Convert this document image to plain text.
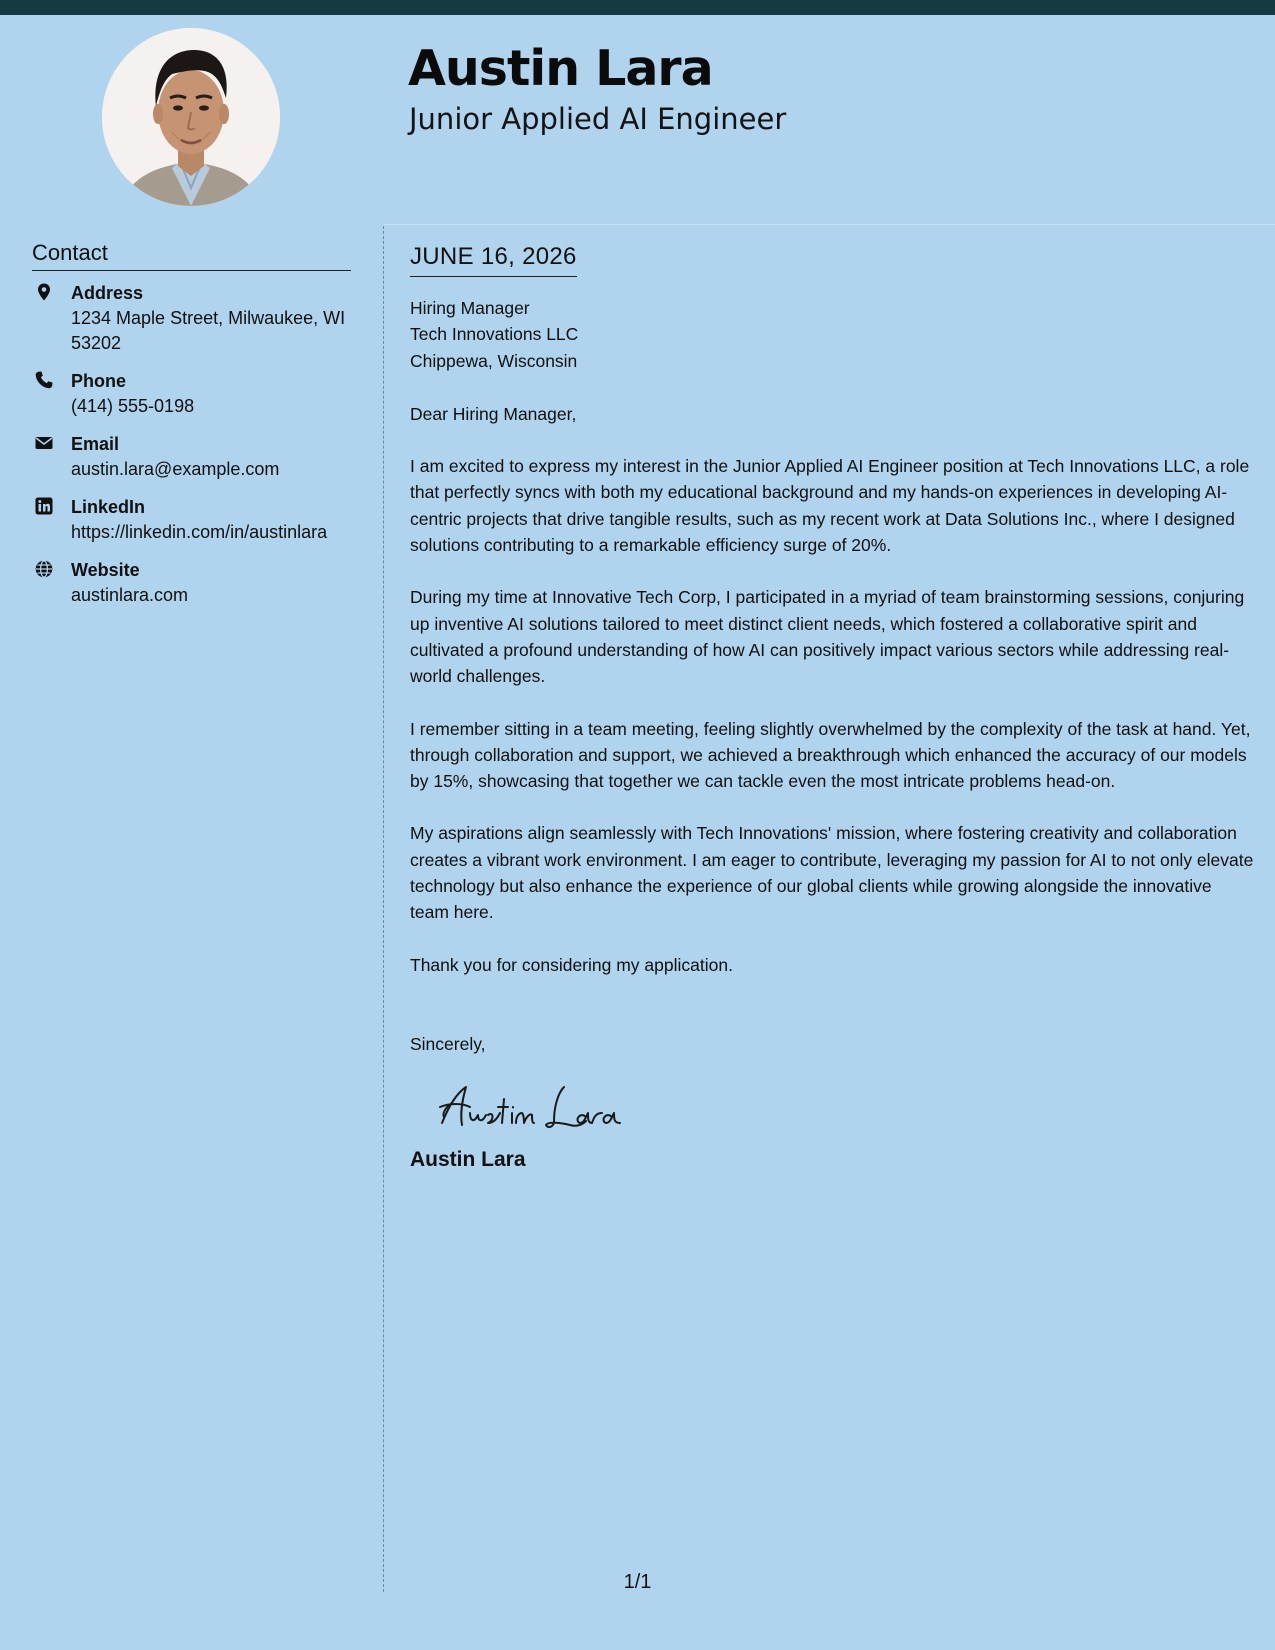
Austin Lara
Junior Applied AI Engineer
Contact
Address
1234 Maple Street, Milwaukee, WI 53202
Phone
(414) 555-0198
Email
austin.lara@example.com
LinkedIn
https://linkedin.com/in/austinlara
Website
austinlara.com
JUNE 16, 2026
Hiring Manager
Tech Innovations LLC
Chippewa, Wisconsin
Dear Hiring Manager,

I am excited to express my interest in the Junior Applied AI Engineer position at Tech Innovations LLC, a role that perfectly syncs with both my educational background and my hands-on experiences in developing AI-centric projects that drive tangible results, such as my recent work at Data Solutions Inc., where I designed solutions contributing to a remarkable efficiency surge of 20%.

During my time at Innovative Tech Corp, I participated in a myriad of team brainstorming sessions, conjuring up inventive AI solutions tailored to meet distinct client needs, which fostered a collaborative spirit and cultivated a profound understanding of how AI can positively impact various sectors while addressing real-world challenges.

I remember sitting in a team meeting, feeling slightly overwhelmed by the complexity of the task at hand. Yet, through collaboration and support, we achieved a breakthrough which enhanced the accuracy of our models by 15%, showcasing that together we can tackle even the most intricate problems head-on.

My aspirations align seamlessly with Tech Innovations' mission, where fostering creativity and collaboration creates a vibrant work environment. I am eager to contribute, leveraging my passion for AI to not only elevate technology but also enhance the experience of our global clients while growing alongside the innovative team here.

Thank you for considering my application.
Sincerely,
Austin Lara
1/1
